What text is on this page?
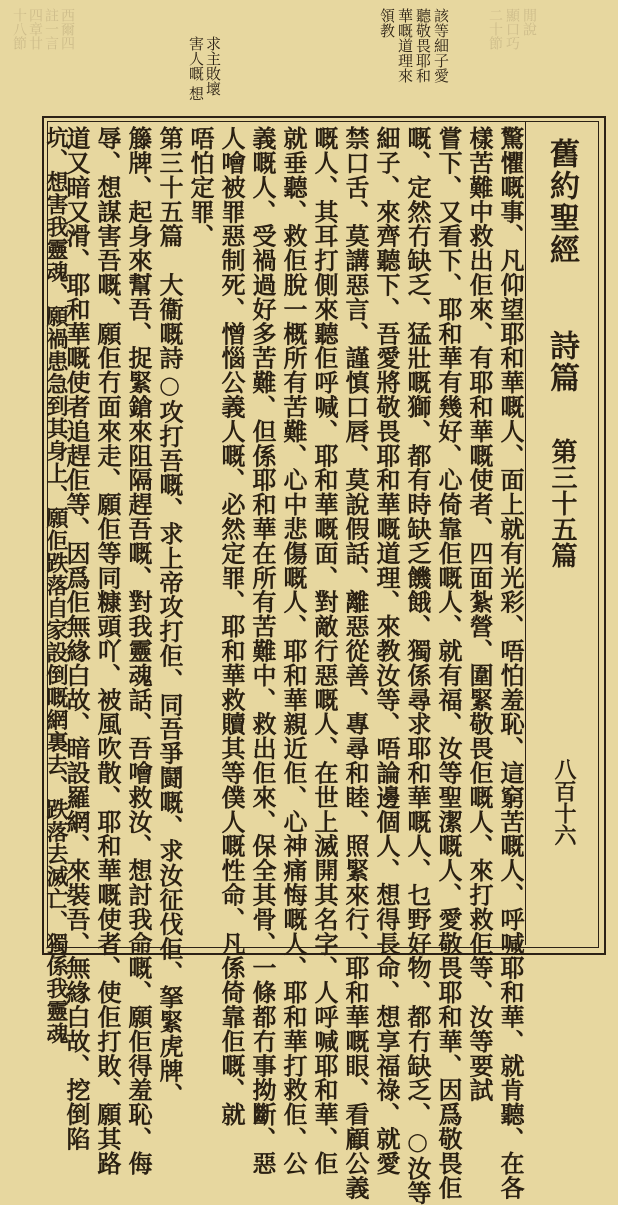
十八節 四章廿 註一言 西爾四	二十節 顯口巧 閒說
求主敗壞
害人嘅
想
該等細子愛
聽敬畏耶和
華嘅道理來
領教
舊約聖經
詩篇
第三十五篇
八百十六
驚懼嘅事、凡仰望耶和華嘅人、面上就有光彩、唔怕羞恥、這窮苦嘅人、呼喊耶和華、就肯聽、在各
樣苦難中救出佢來、有耶和華嘅使者、四面紮營、圍緊敬畏佢嘅人、來打救佢等、汝等要試
嘗下、又看下、耶和華有幾好、心倚靠佢嘅人、就有福、汝等聖潔嘅人、愛敬畏耶和華、因爲敬畏佢
嘅、定然冇缺乏、猛壯嘅獅、都有時缺乏饑餓、獨係尋求耶和華嘅人、乜野好物、都冇缺乏、○汝等
細子、來齊聽下、吾愛將敬畏耶和華嘅道理、來教汝等、唔論邊個人、想得長命、想享福祿、就愛
禁口舌、莫講惡言、謹慎口唇、莫說假話、離惡從善、專尋和睦、照緊來行、耶和華嘅眼、看顧公義
嘅人、其耳打側來聽佢呼喊、耶和華嘅面、對敵行惡嘅人、在世上滅開其名字、人呼喊耶和華、佢
就垂聽、救佢脫一概所有苦難、心中悲傷嘅人、耶和華親近佢、心神痛悔嘅人、耶和華打救佢、公
義嘅人、受禍過好多苦難、但係耶和華在所有苦難中、救出佢來、保全其骨、一條都冇事拗斷、惡
人噲被罪惡制死、憎惱公義人嘅、必然定罪、耶和華救贖其等僕人嘅性命、凡係倚靠佢嘅、就
唔怕定罪、
第三十五篇　大衞嘅詩○攻打吾嘅、求上帝攻打佢、同吾爭鬪嘅、求汝征伐佢、拏緊虎牌、
籐牌、起身來幫吾、捉緊鎗來阻隔趕吾嘅、對我靈魂話、吾噲救汝、想討我命嘅、願佢得羞恥、侮
辱、想謀害吾嘅、願佢冇面來走、願佢等同糠頭吖、被風吹散、耶和華嘅使者、使佢打敗、願其路
道又暗又滑、耶和華嘅使者追趕佢等、因爲佢無緣白故、暗設羅網、來裝吾、無緣白故、挖倒陷
坑、想害我靈魂、願禍患急到其身上、願佢跌落自家設倒嘅網裏去、跌落去滅亡、獨係我靈魂
